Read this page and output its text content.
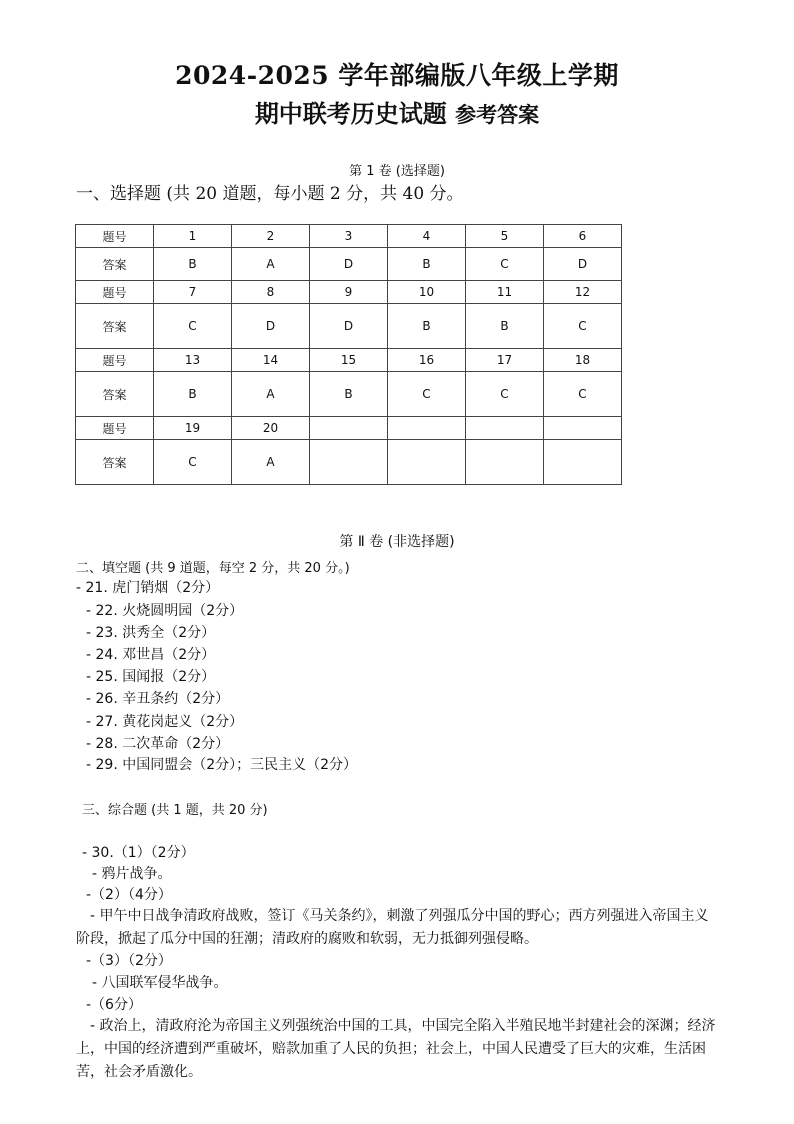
2024-2025 学年部编版八年级上学期
期中联考历史试题 参考答案
第 1 卷 (选择题)
一、选择题 (共 20 道题，每小题 2 分，共 40 分。
题号	1	2	3	4	5	6
答案	B	A	D	B	C	D
题号	7	8	9	10	11	12
答案	C	D	D	B	B	C
题号	13	14	15	16	17	18
答案	B	A	B	C	C	C
题号	19	20				
答案	C	A				
第 Ⅱ 卷 (非选择题)
二、填空题 (共 9 道题，每空 2 分，共 20 分。)
- 21. 虎门销烟（2分）
- 22. 火烧圆明园（2分）
- 23. 洪秀全（2分）
- 24. 邓世昌（2分）
- 25. 国闻报（2分）
- 26. 辛丑条约（2分）
- 27. 黄花岗起义（2分）
- 28. 二次革命（2分）
- 29. 中国同盟会（2分）；三民主义（2分）
三、综合题 (共 1 题，共 20 分)
- 30.（1）（2分）
- 鸦片战争。
-（2）（4分）
- 甲午中日战争清政府战败，签订《马关条约》，刺激了列强瓜分中国的野心；西方列强进入帝国主义阶段，掀起了瓜分中国的狂潮；清政府的腐败和软弱，无力抵御列强侵略。
-（3）（2分）
- 八国联军侵华战争。
-（6分）
- 政治上，清政府沦为帝国主义列强统治中国的工具，中国完全陷入半殖民地半封建社会的深渊；经济上，中国的经济遭到严重破坏，赔款加重了人民的负担；社会上，中国人民遭受了巨大的灾难，生活困苦，社会矛盾激化。
